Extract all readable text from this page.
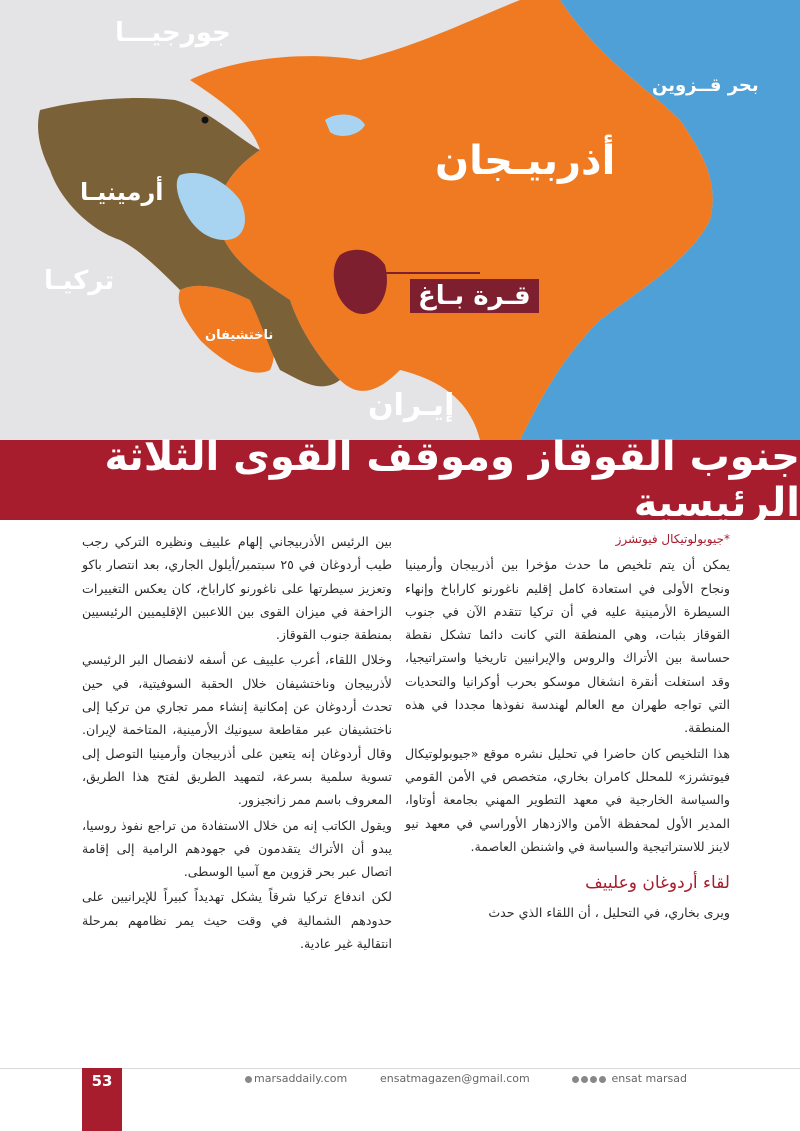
جورجيـــا
بحر قــزوين
أذربيـجان
أرمينيـا
تركيـا	قـرة بـاغ
ناختشيفان
إيـران
جنوب القوقاز وموقف القوى الثلاثة الرئيسية
*جيوبولوتيكال فيوتشرز

يمكن أن يتم تلخيص ما حدث مؤخرا بين أذربيجان وأرمينيا ونجاح الأولى في استعادة كامل إقليم ناغورنو كاراباخ وإنهاء السيطرة الأرمينية عليه في أن تركيا تتقدم الآن في جنوب القوقاز بثبات، وهي المنطقة التي كانت دائما تشكل نقطة حساسة بين الأتراك والروس والإيرانيين تاريخيا واستراتيجيا، وقد استغلت أنقرة انشغال موسكو بحرب أوكرانيا والتحديات التي تواجه طهران مع العالم لهندسة نفوذها مجددا في هذه المنطقة.

هذا التلخيص كان حاضرا في تحليل نشره موقع «جيوبولوتيكال فيوتشرز» للمحلل كامران بخاري، متخصص في الأمن القومي والسياسة الخارجية في معهد التطوير المهني بجامعة أوتاوا، المدير الأول لمحفظة الأمن والازدهار الأوراسي في معهد نيو لاينز للاستراتيجية والسياسة في واشنطن العاصمة.

لقاء أردوغان وعلييف

ويرى بخاري، في التحليل ، أن اللقاء الذي حدث

بين الرئيس الأذربيجاني إلهام علييف ونظيره التركي رجب طيب أردوغان في ٢٥ سبتمبر/أيلول الجاري، بعد انتصار باكو وتعزيز سيطرتها على ناغورنو كاراباخ، كان يعكس التغييرات الزاحفة في ميزان القوى بين اللاعبين الإقليميين الرئيسيين بمنطقة جنوب القوقاز.

وخلال اللقاء، أعرب علييف عن أسفه لانفصال البر الرئيسي لأذربيجان وناختشيفان خلال الحقبة السوفيتية، في حين تحدث أردوغان عن إمكانية إنشاء ممر تجاري من تركيا إلى ناختشيفان عبر مقاطعة سيونيك الأرمينية، المتاخمة لإيران. وقال أردوغان إنه يتعين على أذربيجان وأرمينيا التوصل إلى تسوية سلمية بسرعة، لتمهيد الطريق لفتح هذا الطريق، المعروف باسم ممر زانجيزور.

ويقول الكاتب إنه من خلال الاستفادة من تراجع نفوذ روسيا، يبدو أن الأتراك يتقدمون في جهودهم الرامية إلى إقامة اتصال عبر بحر قزوين مع آسيا الوسطى.

لكن اندفاع تركيا شرقاً يشكل تهديداً كبيراً للإيرانيين على حدودهم الشمالية في وقت حيث يمر نظامهم بمرحلة انتقالية غير عادية.

53	marsaddaily.com	ensatmagazen@gmail.com	ensat marsad
